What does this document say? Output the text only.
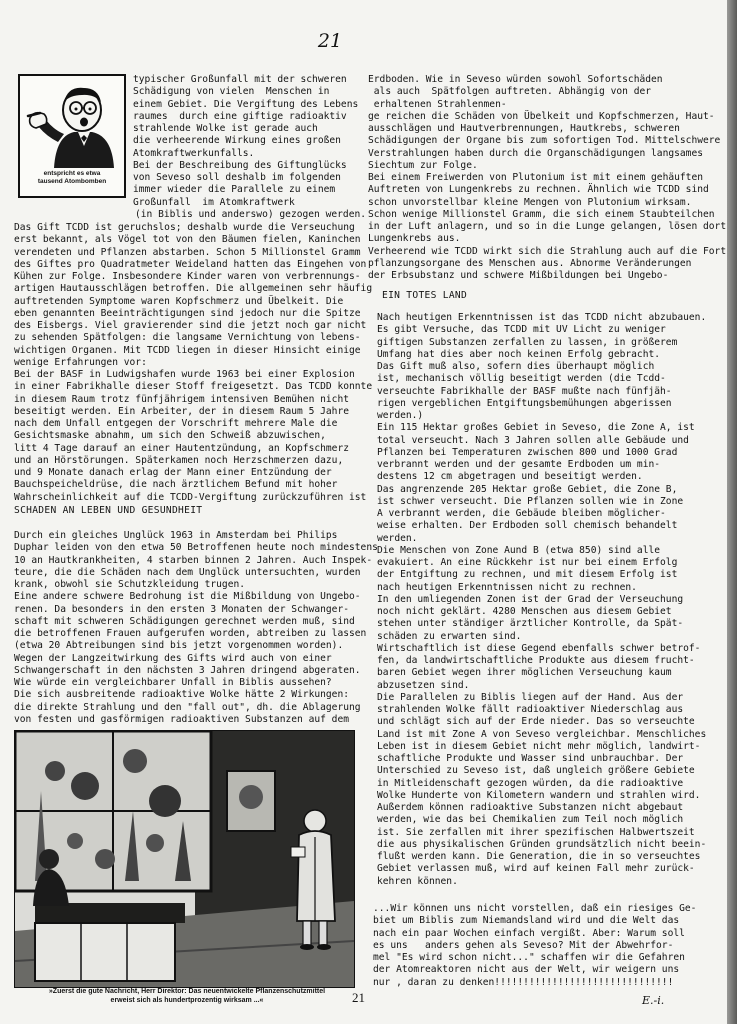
21
entspricht es etwa
tausend Atombomben

typischer Großunfall mit der schweren

Schädigung von vielen  Menschen in

einem Gebiet. Die Vergiftung des Lebens

raumes  durch eine giftige radioaktiv

strahlende Wolke ist gerade auch

die verheerende Wirkung eines großen

Atomkraftwerkunfalls.

Bei der Beschreibung des Giftunglücks

von Seveso soll deshalb im folgenden

immer wieder die Parallele zu einem

Großunfall  im Atomkraftwerk

(in Biblis und anderswo) gezogen werden.

Das Gift TCDD ist geruchslos; deshalb wurde die Verseuchung

erst bekannt, als Vögel tot von den Bäumen fielen, Kaninchen

verendeten und Pflanzen abstarben. Schon 5 Millionstel Gramm

des Giftes pro Quadratmeter Weideland hatten das Eingehen von

Kühen zur Folge. Insbesondere Kinder waren von verbrennungs-

artigen Hautausschlägen betroffen. Die allgemeinen sehr häufig

auftretenden Symptome waren Kopfschmerz und Übelkeit. Die

eben genannten Beeinträchtigungen sind jedoch nur die Spitze

des Eisbergs. Viel gravierender sind die jetzt noch gar nicht

zu sehenden Spätfolgen: die langsame Vernichtung von lebens-

wichtigen Organen. Mit TCDD liegen in dieser Hinsicht einige

wenige Erfahrungen vor:

Bei der BASF in Ludwigshafen wurde 1963 bei einer Explosion

in einer Fabrikhalle dieser Stoff freigesetzt. Das TCDD konnte

in diesem Raum trotz fünfjährigem intensiven Bemühen nicht

beseitigt werden. Ein Arbeiter, der in diesem Raum 5 Jahre

nach dem Unfall entgegen der Vorschrift mehrere Male die

Gesichtsmaske abnahm, um sich den Schweiß abzuwischen,

litt 4 Tage darauf an einer Hautentzündung, an Kopfschmerz

und an Hörstörungen. Späterkamen noch Herzschmerzen dazu,

und 9 Monate danach erlag der Mann einer Entzündung der

Bauchspeicheldrüse, die nach ärztlichem Befund mit hoher

Wahrscheinlichkeit auf die TCDD-Vergiftung zurückzuführen ist

SCHADEN AN LEBEN UND GESUNDHEIT

Durch ein gleiches Unglück 1963 in Amsterdam bei Philips

Duphar leiden von den etwa 50 Betroffenen heute noch mindestens

10 an Hautkrankheiten, 4 starben binnen 2 Jahren. Auch Inspek-

teure, die die Schäden nach dem Unglück untersuchten, wurden

krank, obwohl sie Schutzkleidung trugen.

Eine andere schwere Bedrohung ist die Mißbildung von Ungebo-

renen. Da besonders in den ersten 3 Monaten der Schwanger-

schaft mit schweren Schädigungen gerechnet werden muß, sind

die betroffenen Frauen aufgerufen worden, abtreiben zu lassen

(etwa 20 Abtreibungen sind bis jetzt vorgenommen worden).

Wegen der Langzeitwirkung des Gifts wird auch von einer

Schwangerschaft in den nächsten 3 Jahren dringend abgeraten.

Wie würde ein vergleichbarer Unfall in Biblis aussehen?

Die sich ausbreitende radioaktive Wolke hätte 2 Wirkungen:

die direkte Strahlung und den "fall out", dh. die Ablagerung

von festen und gasförmigen radioaktiven Substanzen auf dem

»Zuerst die gute Nachricht, Herr Direktor: Das neuentwickelte Pflanzenschutzmittel
erweist sich als hundertprozentig wirksam ...«	21

Erdboden. Wie in Seveso würden sowohl Sofortschäden

als auch  Spätfolgen auftreten. Abhängig von der

erhaltenen Strahlenmen-

ge reichen die Schäden von Übelkeit und Kopfschmerzen, Haut-

ausschlägen und Hautverbrennungen, Hautkrebs, schweren

Schädigungen der Organe bis zum sofortigen Tod. Mittelschwere

Verstrahlungen haben durch die Organschädigungen langsames

Siechtum zur Folge.

Bei einem Freiwerden von Plutonium ist mit einem gehäuften

Auftreten von Lungenkrebs zu rechnen. Ähnlich wie TCDD sind

schon unvorstellbar kleine Mengen von Plutonium wirksam.

Schon wenige Millionstel Gramm, die sich einem Staubteilchen

in der Luft anlagern, und so in die Lunge gelangen, lösen dort

Lungenkrebs aus.

Verheerend wie TCDD wirkt sich die Strahlung auch auf die Fort

pflanzungsorgane des Menschen aus. Abnorme Veränderungen

der Erbsubstanz und schwere Mißbildungen bei Ungebo-

EIN TOTES LAND

Nach heutigen Erkenntnissen ist das TCDD nicht abzubauen.

Es gibt Versuche, das TCDD mit UV Licht zu weniger

giftigen Substanzen zerfallen zu lassen, in größerem

Umfang hat dies aber noch keinen Erfolg gebracht.

Das Gift muß also, sofern dies überhaupt möglich

ist, mechanisch völlig beseitigt werden (die Tcdd-

verseuchte Fabrikhalle der BASF mußte nach fünfjäh-

rigen vergeblichen Entgiftungsbemühungen abgerissen

werden.)

Ein 115 Hektar großes Gebiet in Seveso, die Zone A, ist

total verseucht. Nach 3 Jahren sollen alle Gebäude und

Pflanzen bei Temperaturen zwischen 800 und 1000 Grad

verbrannt werden und der gesamte Erdboden um min-

destens 12 cm abgetragen und beseitigt werden.

Das angrenzende 205 Hektar große Gebiet, die Zone B,

ist schwer verseucht. Die Pflanzen sollen wie in Zone

A verbrannt werden, die Gebäude bleiben möglicher-

weise erhalten. Der Erdboden soll chemisch behandelt

werden.

Die Menschen von Zone Aund B (etwa 850) sind alle

evakuiert. An eine Rückkehr ist nur bei einem Erfolg

der Entgiftung zu rechnen, und mit diesem Erfolg ist

nach heutigen Erkenntnissen nicht zu rechnen.

In den umliegenden Zonen ist der Grad der Verseuchung

noch nicht geklärt. 4280 Menschen aus diesem Gebiet

stehen unter ständiger ärztlicher Kontrolle, da Spät-

schäden zu erwarten sind.

Wirtschaftlich ist diese Gegend ebenfalls schwer betrof-

fen, da landwirtschaftliche Produkte aus diesem frucht-

baren Gebiet wegen ihrer möglichen Verseuchung kaum

abzusetzen sind.

Die Parallelen zu Biblis liegen auf der Hand. Aus der

strahlenden Wolke fällt radioaktiver Niederschlag aus

und schlägt sich auf der Erde nieder. Das so verseuchte

Land ist mit Zone A von Seveso vergleichbar. Menschliches

Leben ist in diesem Gebiet nicht mehr möglich, landwirt-

schaftliche Produkte und Wasser sind unbrauchbar. Der

Unterschied zu Seveso ist, daß ungleich größere Gebiete

in Mitleidenschaft gezogen würden, da die radioaktive

Wolke Hunderte von Kilometern wandern und strahlen wird.

Außerdem können radioaktive Substanzen nicht abgebaut

werden, wie das bei Chemikalien zum Teil noch möglich

ist. Sie zerfallen mit ihrer spezifischen Halbwertszeit

die aus physikalischen Gründen grundsätzlich nicht beein-

flußt werden kann. Die Generation, die in so verseuchtes

Gebiet verlassen muß, wird auf keinen Fall mehr zurück-

kehren können.

...Wir können uns nicht vorstellen, daß ein riesiges Ge-

biet um Biblis zum Niemandsland wird und die Welt das

nach ein paar Wochen einfach vergißt. Aber: Warum soll

es uns   anders gehen als Seveso? Mit der Abwehrfor-

mel "Es wird schon nicht..." schaffen wir die Gefahren

der Atomreaktoren nicht aus der Welt, wir weigern uns

nur , daran zu denken!!!!!!!!!!!!!!!!!!!!!!!!!!!!!!!

E.-i.
